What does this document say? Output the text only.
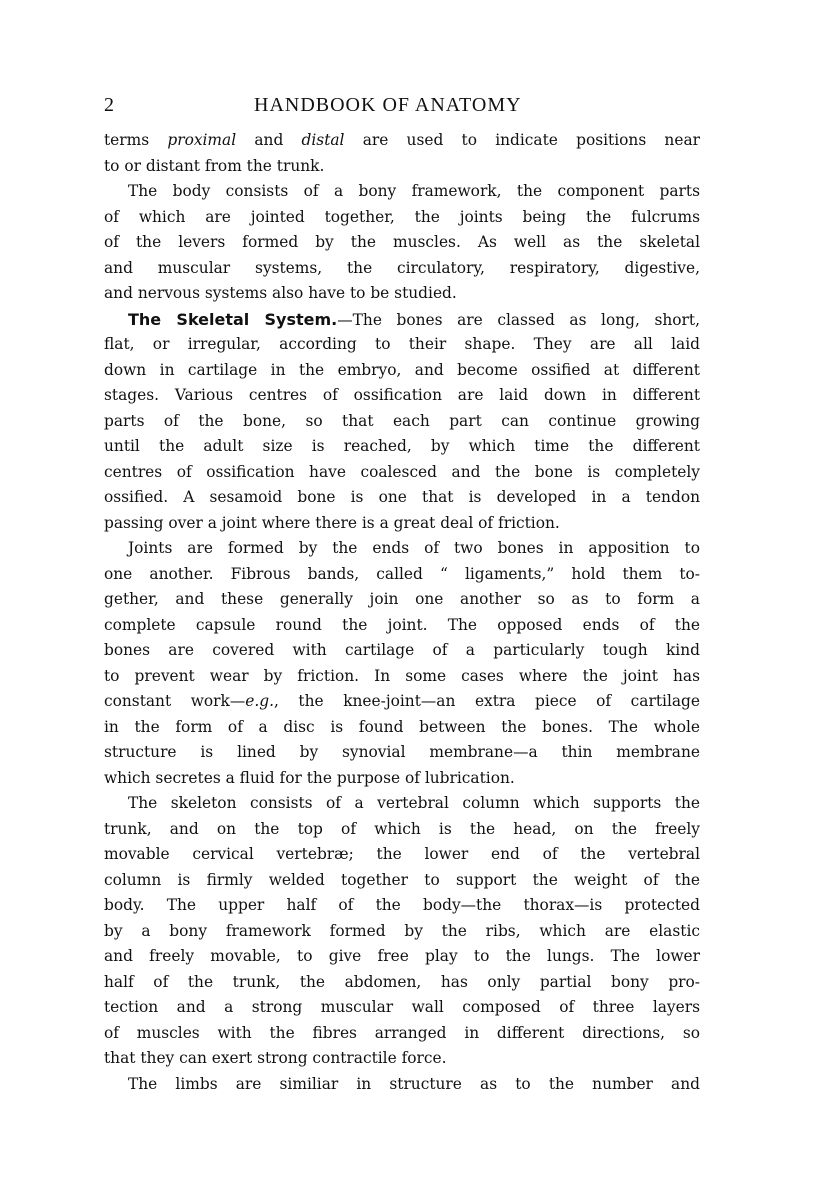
2	HANDBOOK OF ANATOMY
terms proximal and distal are used to indicate positions near
to or distant from the trunk.
The body consists of a bony framework, the component parts
of which are jointed together, the joints being the fulcrums
of the levers formed by the muscles. As well as the skeletal
and muscular systems, the circulatory, respiratory, digestive,
and nervous systems also have to be studied.
The Skeletal System.—The bones are classed as long, short,
flat, or irregular, according to their shape. They are all laid
down in cartilage in the embryo, and become ossified at different
stages. Various centres of ossification are laid down in different
parts of the bone, so that each part can continue growing
until the adult size is reached, by which time the different
centres of ossification have coalesced and the bone is completely
ossified. A sesamoid bone is one that is developed in a tendon
passing over a joint where there is a great deal of friction.
Joints are formed by the ends of two bones in apposition to
one another. Fibrous bands, called “ ligaments,” hold them to-
gether, and these generally join one another so as to form a
complete capsule round the joint. The opposed ends of the
bones are covered with cartilage of a particularly tough kind
to prevent wear by friction. In some cases where the joint has
constant work—e.g., the knee-joint—an extra piece of cartilage
in the form of a disc is found between the bones. The whole
structure is lined by synovial membrane—a thin membrane
which secretes a fluid for the purpose of lubrication.
The skeleton consists of a vertebral column which supports the
trunk, and on the top of which is the head, on the freely
movable cervical vertebræ; the lower end of the vertebral
column is firmly welded together to support the weight of the
body. The upper half of the body—the thorax—is protected
by a bony framework formed by the ribs, which are elastic
and freely movable, to give free play to the lungs. The lower
half of the trunk, the abdomen, has only partial bony pro-
tection and a strong muscular wall composed of three layers
of muscles with the fibres arranged in different directions, so
that they can exert strong contractile force.
The limbs are similiar in structure as to the number and
